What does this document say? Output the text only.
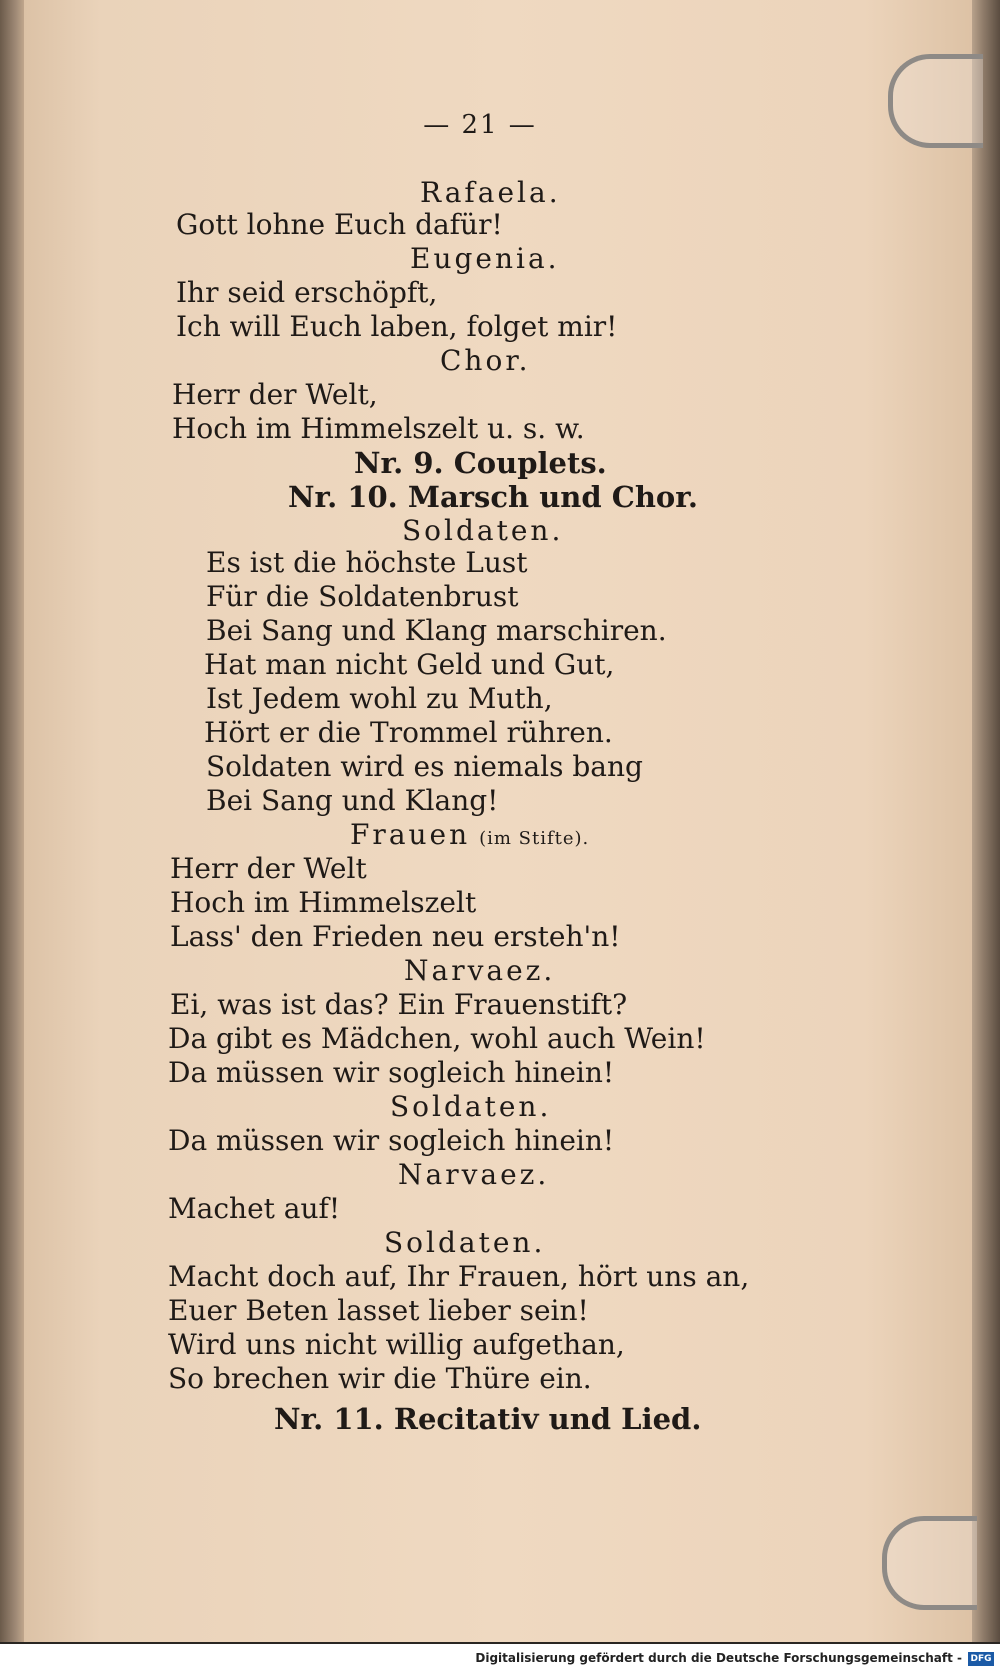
— 21 —
Rafaela.
Gott lohne Euch dafür!
Eugenia.
Ihr seid erschöpft,
Ich will Euch laben, folget mir!
Chor.
Herr der Welt,
Hoch im Himmelszelt u. s. w.
Nr. 9. Couplets.
Nr. 10. Marsch und Chor.
Soldaten.
Es ist die höchste Lust
Für die Soldatenbrust
Bei Sang und Klang marschiren.
Hat man nicht Geld und Gut,
Ist Jedem wohl zu Muth,
Hört er die Trommel rühren.
Soldaten wird es niemals bang
Bei Sang und Klang!
Frauen (im Stifte).
Herr der Welt
Hoch im Himmelszelt
Lass' den Frieden neu ersteh'n!
Narvaez.
Ei, was ist das? Ein Frauenstift?
Da gibt es Mädchen, wohl auch Wein!
Da müssen wir sogleich hinein!
Soldaten.
Da müssen wir sogleich hinein!
Narvaez.
Machet auf!
Soldaten.
Macht doch auf, Ihr Frauen, hört uns an,
Euer Beten lasset lieber sein!
Wird uns nicht willig aufgethan,
So brechen wir die Thüre ein.
Nr. 11. Recitativ und Lied.
Digitalisierung gefördert durch die Deutsche Forschungsgemeinschaft - DFG
